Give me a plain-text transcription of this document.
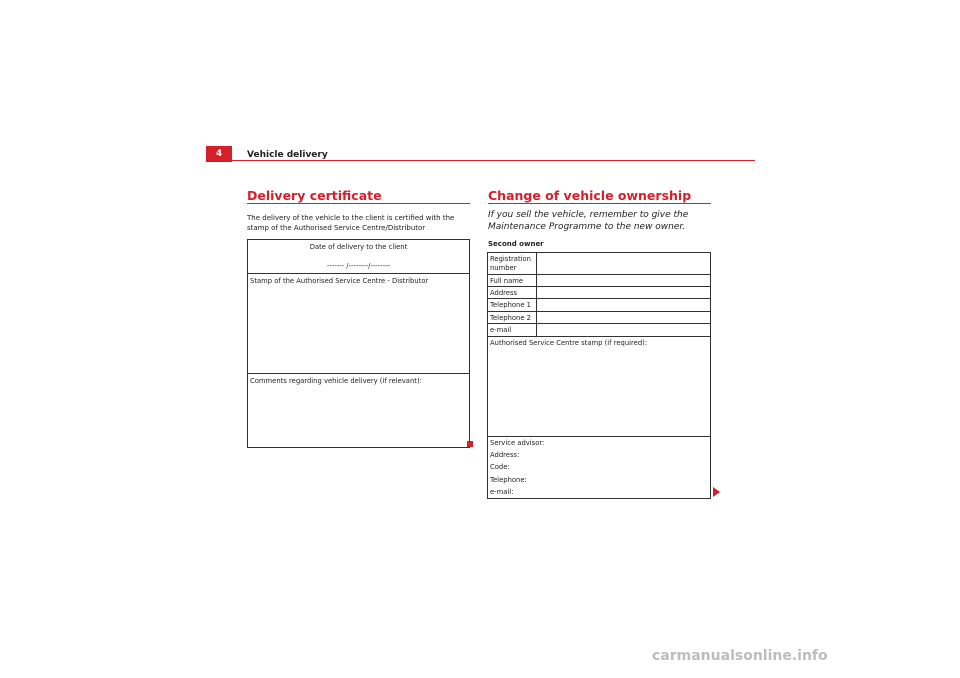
4	Vehicle delivery
Delivery certificate
The delivery of the vehicle to the client is certified with the stamp of the Authorised Service Centre/Distributor
Date of delivery to the client
------- /--------/--------
Stamp of the Authorised Service Centre - Distributor
Comments regarding vehicle delivery (if relevant):
Change of vehicle ownership
If you sell the vehicle, remember to give the Maintenance Programme to the new owner.
Second owner
Registration number
Full name
Address
Telephone 1
Telephone 2
e-mail
Authorised Service Centre stamp (if required):
Service advisor:
Address:
Code:
Telephone:
e-mail:
carmanualsonline.info
